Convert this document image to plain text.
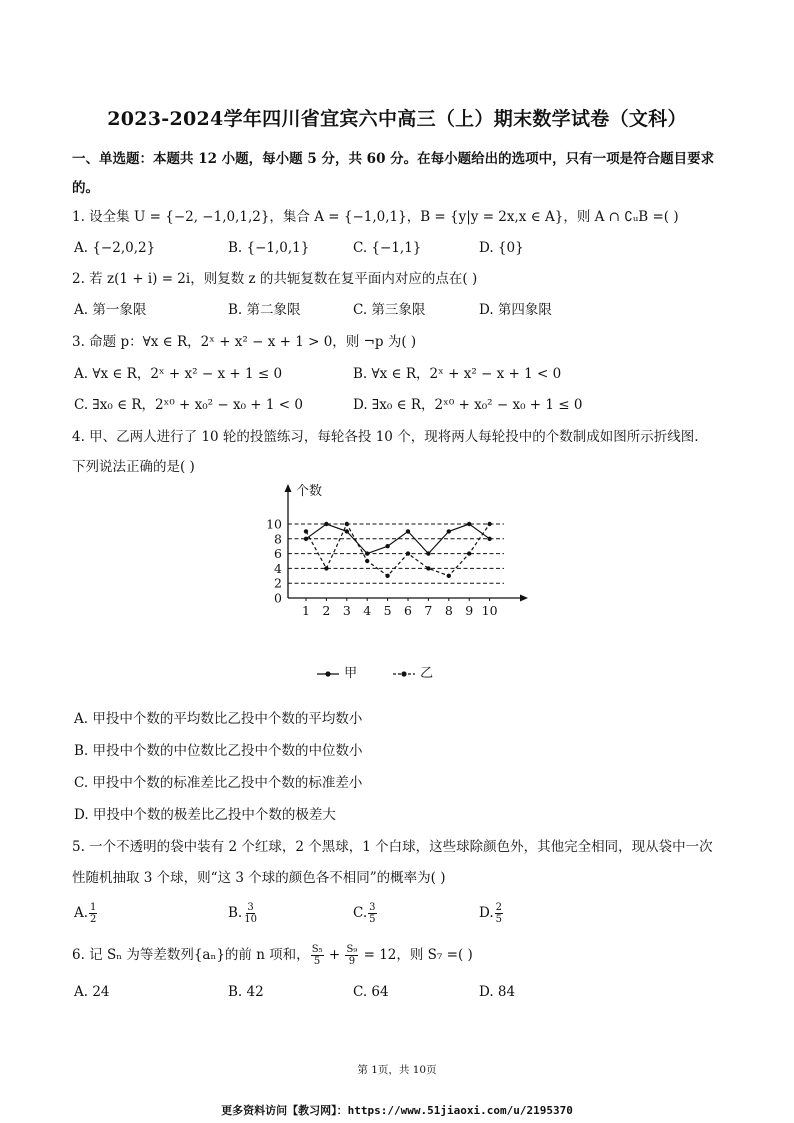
2023-2024学年四川省宜宾六中高三（上）期末数学试卷（文科）
一、单选题：本题共 12 小题，每小题 5 分，共 60 分。在每小题给出的选项中，只有一项是符合题目要求
的。
1. 设全集 U = {−2, −1,0,1,2}，集合 A = {−1,0,1}，B = {y|y = 2x,x ∈ A}，则 A ∩ ∁ᵤB =( )
A. {−2,0,2}	B. {−1,0,1}	C. {−1,1}	D. {0}
2. 若 z(1 + i) = 2i，则复数 z 的共轭复数在复平面内对应的点在( )
A. 第一象限	B. 第二象限	C. 第三象限	D. 第四象限
3. 命题 p：∀x ∈ R，2ˣ + x² − x + 1 > 0，则 ¬p 为( )
A. ∀x ∈ R，2ˣ + x² − x + 1 ≤ 0	B. ∀x ∈ R，2ˣ + x² − x + 1 < 0
C. ∃x₀ ∈ R，2ˣ⁰ + x₀² − x₀ + 1 < 0	D. ∃x₀ ∈ R，2ˣ⁰ + x₀² − x₀ + 1 ≤ 0
4. 甲、乙两人进行了 10 轮的投篮练习，每轮各投 10 个，现将两人每轮投中的个数制成如图所示折线图.
下列说法正确的是( )
个数
0
2
4
6
8
10
1 2 3 4 5 6 7 8 9 10
甲	乙
A. 甲投中个数的平均数比乙投中个数的平均数小
B. 甲投中个数的中位数比乙投中个数的中位数小
C. 甲投中个数的标准差比乙投中个数的标准差小
D. 甲投中个数的极差比乙投中个数的极差大
5. 一个不透明的袋中装有 2 个红球，2 个黑球，1 个白球，这些球除颜色外，其他完全相同，现从袋中一次
性随机抽取 3 个球，则“这 3 个球的颜色各不相同”的概率为( )
A. $\frac{1}{2}$	B. $\frac{3}{10}$	C. $\frac{3}{5}$	D. $\frac{2}{5}$
6. 记 Sₙ 为等差数列{aₙ}的前 n 项和， $\frac{\text{S₅}}{5} + \frac{\text{S₉}}{9} = 12$，则 S₇ =( )
A. 24	B. 42	C. 64	D. 84
第 1页，共 10页
更多资料访问【教习网】：https://www.51jiaoxi.com/u/2195370
